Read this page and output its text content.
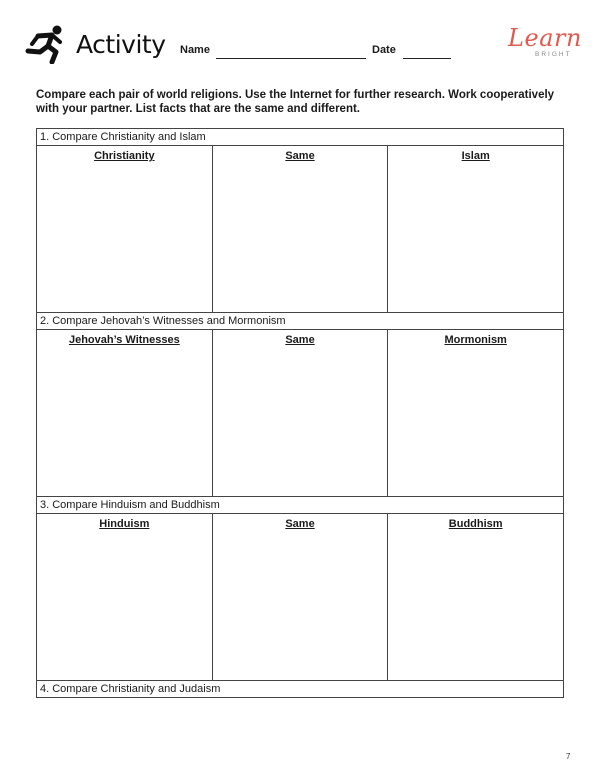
Activity Name	Date	Learn
BRIGHT
Compare each pair of world religions. Use the Internet for further research. Work cooperatively with your partner. List facts that are the same and different.
1. Compare Christianity and Islam
Christianity	Same	Islam
2. Compare Jehovah’s Witnesses and Mormonism
Jehovah’s Witnesses	Same	Mormonism
3. Compare Hinduism and Buddhism
Hinduism	Same	Buddhism
4. Compare Christianity and Judaism
7
